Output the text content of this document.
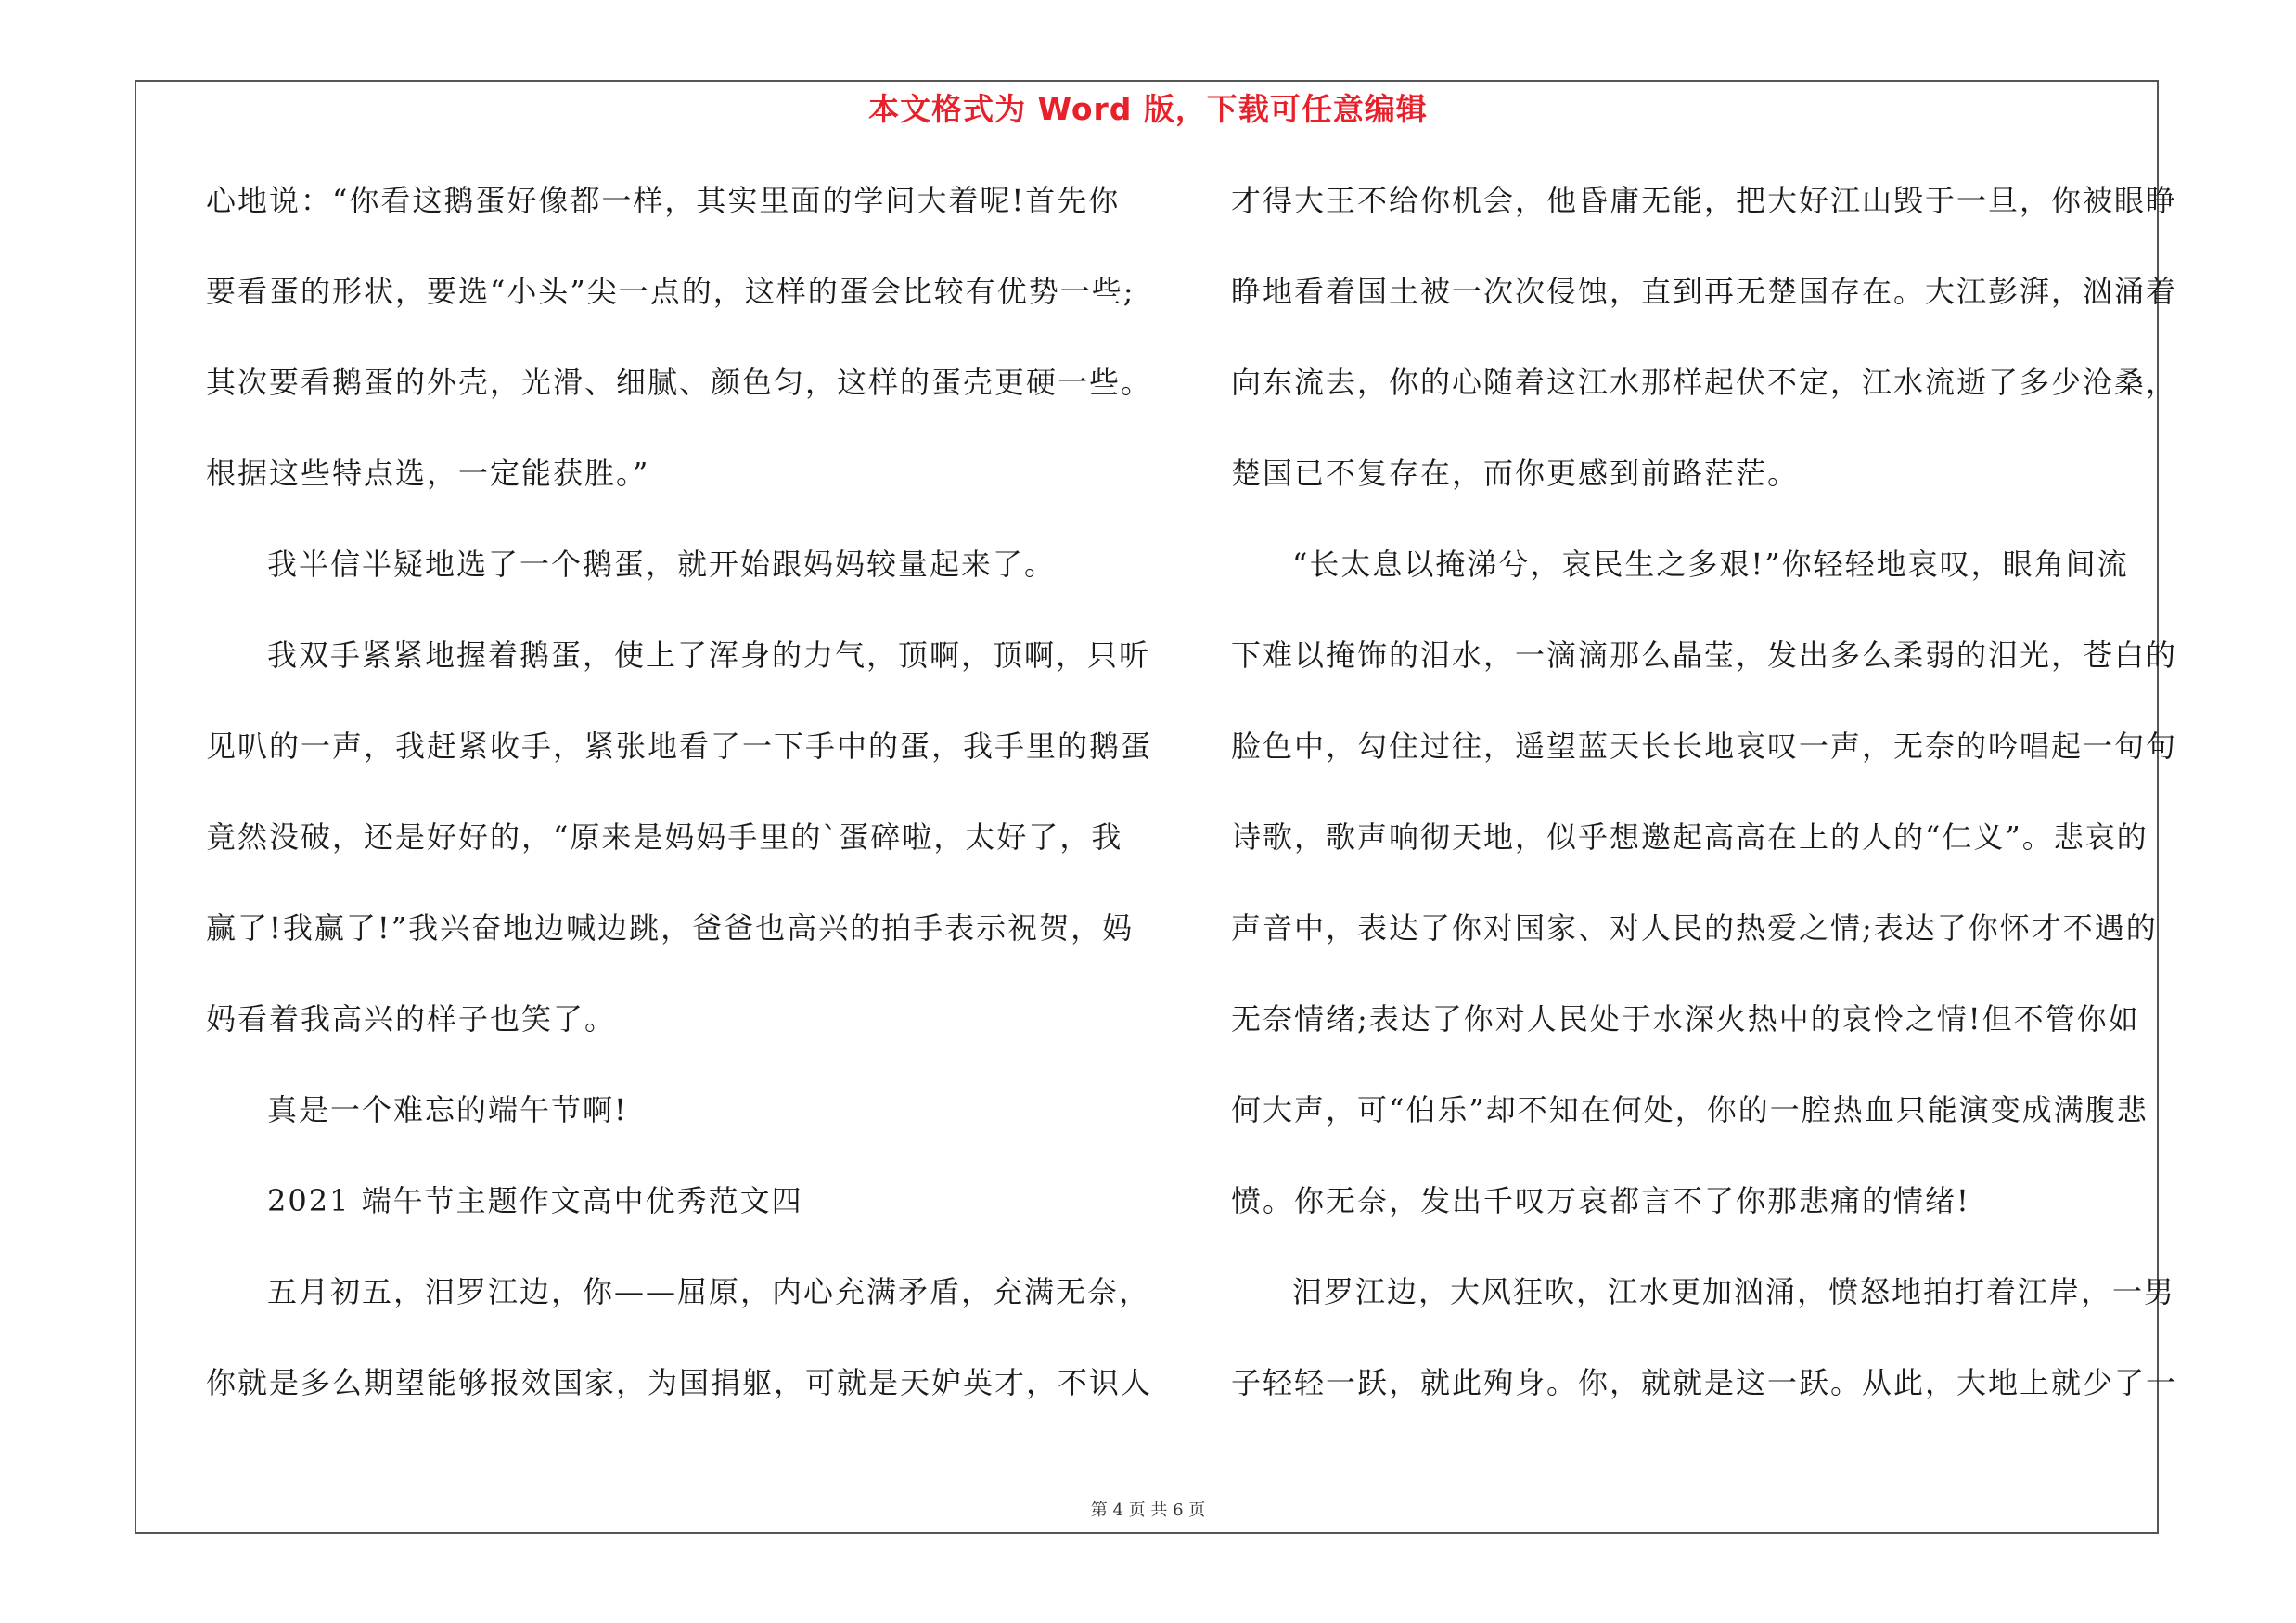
本文格式为 Word 版，下载可任意编辑
心地说：“你看这鹅蛋好像都一样，其实里面的学问大着呢!首先你
要看蛋的形状，要选“小头”尖一点的，这样的蛋会比较有优势一些;
其次要看鹅蛋的外壳，光滑、细腻、颜色匀，这样的蛋壳更硬一些。
根据这些特点选，一定能获胜。”
我半信半疑地选了一个鹅蛋，就开始跟妈妈较量起来了。
我双手紧紧地握着鹅蛋，使上了浑身的力气，顶啊，顶啊，只听
见叭的一声，我赶紧收手，紧张地看了一下手中的蛋，我手里的鹅蛋
竟然没破，还是好好的，“原来是妈妈手里的`蛋碎啦，太好了，我
赢了!我赢了!”我兴奋地边喊边跳，爸爸也高兴的拍手表示祝贺，妈
妈看着我高兴的样子也笑了。
真是一个难忘的端午节啊!
2021 端午节主题作文高中优秀范文四
五月初五，汨罗江边，你——屈原，内心充满矛盾，充满无奈，
你就是多么期望能够报效国家，为国捐躯，可就是天妒英才，不识人
才得大王不给你机会，他昏庸无能，把大好江山毁于一旦，你被眼睁
睁地看着国土被一次次侵蚀，直到再无楚国存在。大江彭湃，汹涌着
向东流去，你的心随着这江水那样起伏不定，江水流逝了多少沧桑，
楚国已不复存在，而你更感到前路茫茫。
“长太息以掩涕兮，哀民生之多艰!”你轻轻地哀叹，眼角间流
下难以掩饰的泪水，一滴滴那么晶莹，发出多么柔弱的泪光，苍白的
脸色中，勾住过往，遥望蓝天长长地哀叹一声，无奈的吟唱起一句句
诗歌，歌声响彻天地，似乎想邀起高高在上的人的“仁义”。悲哀的
声音中，表达了你对国家、对人民的热爱之情;表达了你怀才不遇的
无奈情绪;表达了你对人民处于水深火热中的哀怜之情!但不管你如
何大声，可“伯乐”却不知在何处，你的一腔热血只能演变成满腹悲
愤。你无奈，发出千叹万哀都言不了你那悲痛的情绪!
汨罗江边，大风狂吹，江水更加汹涌，愤怒地拍打着江岸，一男
子轻轻一跃，就此殉身。你，就就是这一跃。从此，大地上就少了一
第 4 页 共 6 页
